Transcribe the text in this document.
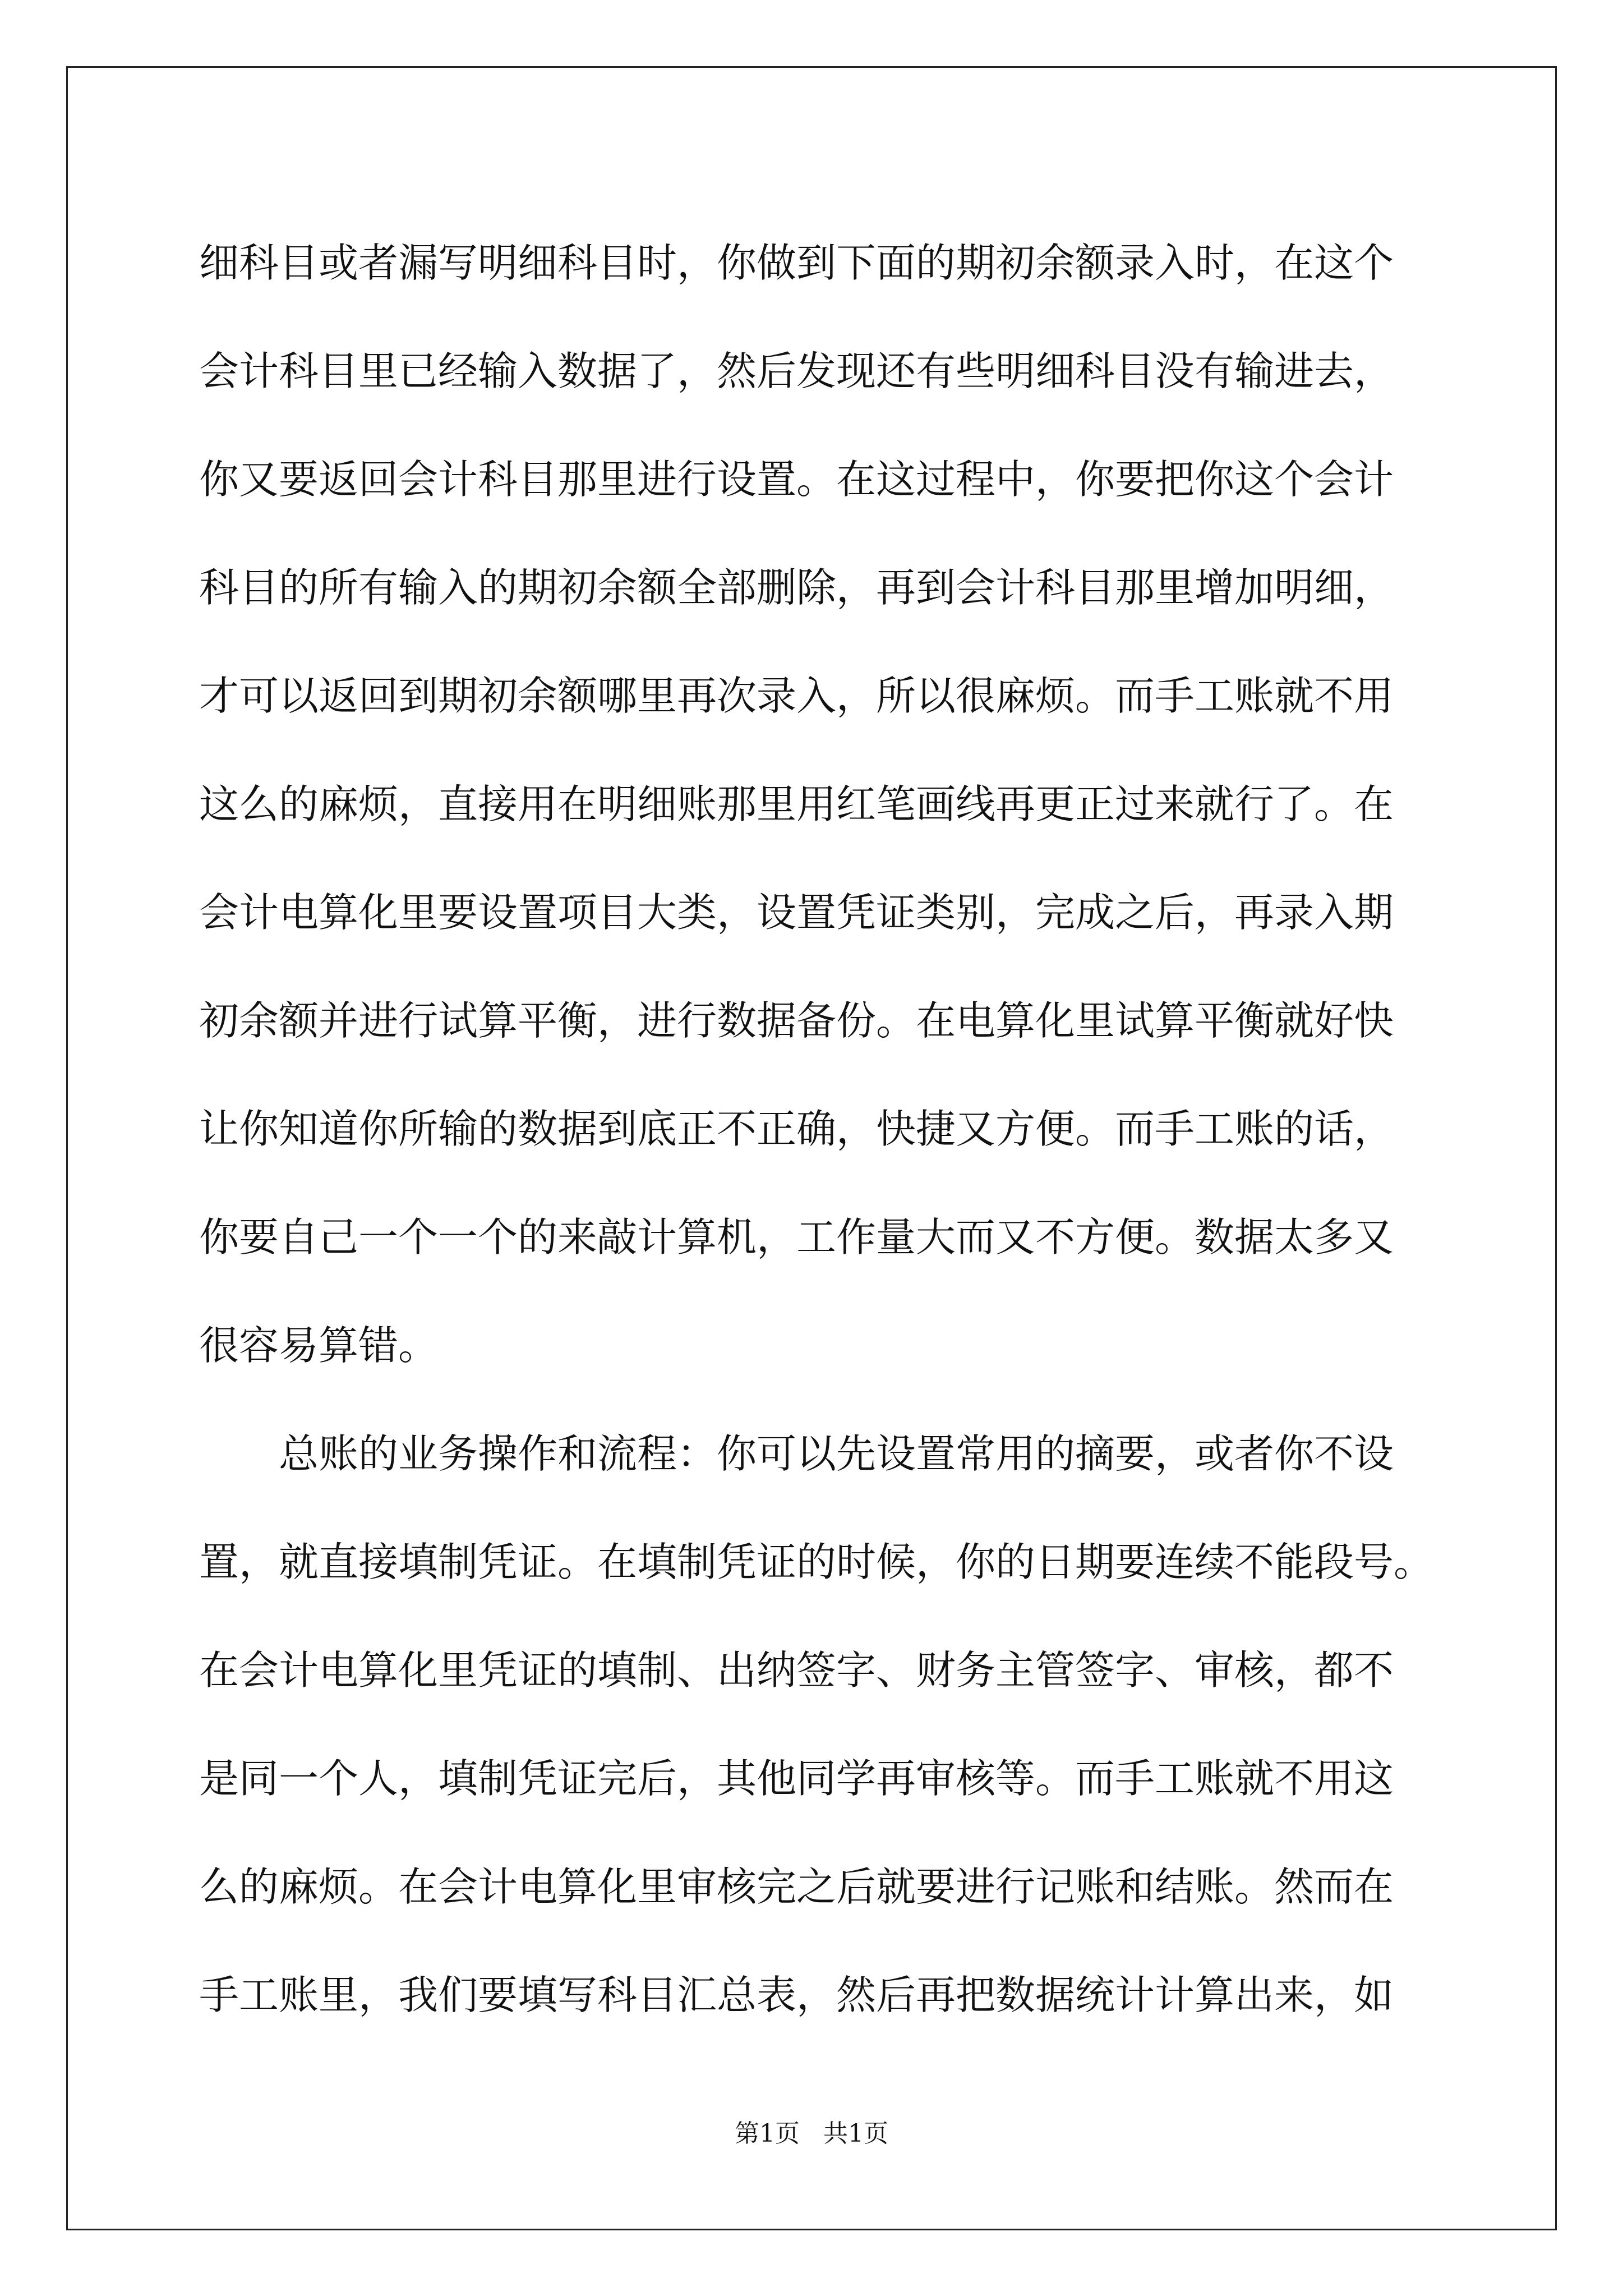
细科目或者漏写明细科目时，你做到下面的期初余额录入时，在这个
会计科目里已经输入数据了，然后发现还有些明细科目没有输进去，
你又要返回会计科目那里进行设置。在这过程中，你要把你这个会计
科目的所有输入的期初余额全部删除，再到会计科目那里增加明细，
才可以返回到期初余额哪里再次录入，所以很麻烦。而手工账就不用
这么的麻烦，直接用在明细账那里用红笔画线再更正过来就行了。在
会计电算化里要设置项目大类，设置凭证类别，完成之后，再录入期
初余额并进行试算平衡，进行数据备份。在电算化里试算平衡就好快
让你知道你所输的数据到底正不正确，快捷又方便。而手工账的话，
你要自己一个一个的来敲计算机，工作量大而又不方便。数据太多又
很容易算错。
总账的业务操作和流程：你可以先设置常用的摘要，或者你不设
置，就直接填制凭证。在填制凭证的时候，你的日期要连续不能段号。
在会计电算化里凭证的填制、出纳签字、财务主管签字、审核，都不
是同一个人，填制凭证完后，其他同学再审核等。而手工账就不用这
么的麻烦。在会计电算化里审核完之后就要进行记账和结账。然而在
手工账里，我们要填写科目汇总表，然后再把数据统计计算出来，如
第1页   共1页
